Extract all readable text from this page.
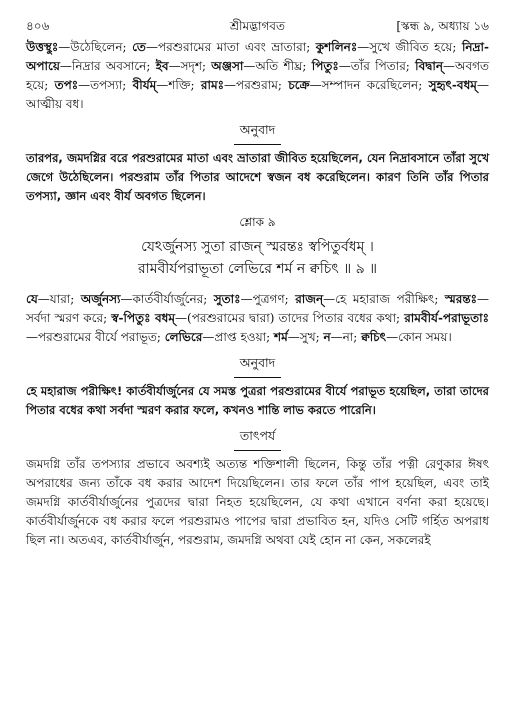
৪০৬	শ্রীমদ্ভাগবত	[স্কন্ধ ৯, অধ্যায় ১৬

উত্তস্থুঃ—উঠেছিলেন; তে—পরশুরামের মাতা এবং ভ্রাতারা; কুশলিনঃ—সুখে জীবিত হয়ে; নিদ্রা-অপায়ে—নিদ্রার অবসানে; ইব—সদৃশ; অঞ্জসা—অতি শীঘ্র; পিতুঃ—তাঁর পিতার; বিদ্বান্—অবগত হয়ে; তপঃ—তপস্যা; বীর্যম্—শক্তি; রামঃ—পরশুরাম; চক্রে—সম্পাদন করেছিলেন; সুহৃৎ-বধম্—আত্মীয় বধ।

অনুবাদ

তারপর, জমদগ্নির বরে পরশুরামের মাতা এবং ভ্রাতারা জীবিত হয়েছিলেন, যেন নিদ্রাবসানে তাঁরা সুখে জেগে উঠেছিলেন। পরশুরাম তাঁর পিতার আদেশে স্বজন বধ করেছিলেন। কারণ তিনি তাঁর পিতার তপস্যা, জ্ঞান এবং বীর্য অবগত ছিলেন।

শ্লোক ৯

যেঽর্জুনস্য সুতা রাজন্ স্মরন্তঃ স্বপিতুর্বধম্ ।

রামবীর্যপরাভূতা লেভিরে শর্ম ন ক্বচিৎ ॥ ৯ ॥

যে—যারা; অর্জুনস্য—কার্তবীর্যার্জুনের; সুতাঃ—পুত্রগণ; রাজন্—হে মহারাজ পরীক্ষিৎ; স্মরন্তঃ—সর্বদা স্মরণ করে; স্ব-পিতুঃ বধম্—(পরশুরামের দ্বারা) তাদের পিতার বধের কথা; রামবীর্য-পরাভূতাঃ—পরশুরামের বীর্যে পরাভূত; লেভিরে—প্রাপ্ত হওয়া; শর্ম—সুখ; ন—না; ক্বচিৎ—কোন সময়।

অনুবাদ

হে মহারাজ পরীক্ষিৎ! কার্তবীর্যার্জুনের যে সমস্ত পুত্ররা পরশুরামের বীর্যে পরাভূত হয়েছিল, তারা তাদের পিতার বধের কথা সর্বদা স্মরণ করার ফলে, কখনও শান্তি লাভ করতে পারেনি।

তাৎপর্য

জমদগ্নি তাঁর তপস্যার প্রভাবে অবশ্যই অত্যন্ত শক্তিশালী ছিলেন, কিন্তু তাঁর পত্নী রেণুকার ঈষৎ অপরাধের জন্য তাঁকে বধ করার আদেশ দিয়েছিলেন। তার ফলে তাঁর পাপ হয়েছিল, এবং তাই জমদগ্নি কার্তবীর্যার্জুনের পুত্রদের দ্বারা নিহত হয়েছিলেন, যে কথা এখানে বর্ণনা করা হয়েছে। কার্তবীর্যার্জুনকে বধ করার ফলে পরশুরামও পাপের দ্বারা প্রভাবিত হন, যদিও সেটি গর্হিত অপরাধ ছিল না। অতএব, কার্তবীর্যার্জুন, পরশুরাম, জমদগ্নি অথবা যেই হোন না কেন, সকলেরই
